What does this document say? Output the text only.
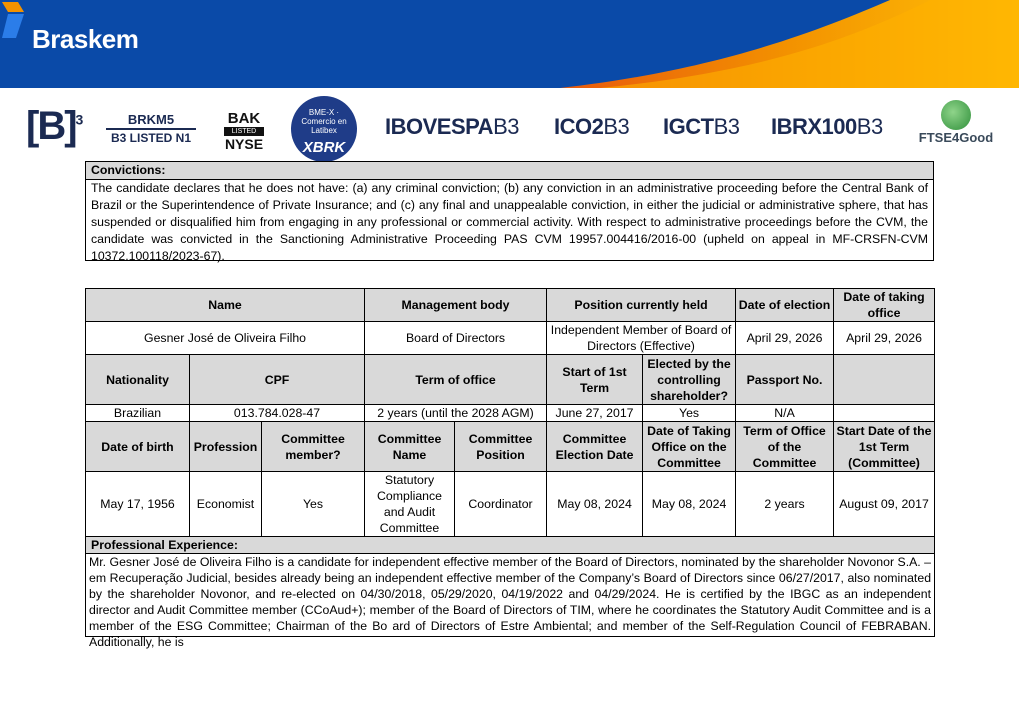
Braskem
$[B]^3$	BRKM5
B3 LISTED N1
BAK
LISTED
NYSE
BME-X · Comercio en Latibex
XBRK
IBOVESPAB3 ICO2B3 IGCTB3 IBRX100B3	FTSE4Good
Convictions:
The candidate declares that he does not have: (a) any criminal conviction; (b) any conviction in an administrative proceeding before the Central Bank of Brazil or the Superintendence of Private Insurance; and (c) any final and unappealable conviction, in either the judicial or administrative sphere, that has suspended or disqualified him from engaging in any professional or commercial activity. With respect to administrative proceedings before the CVM, the candidate was convicted in the Sanctioning Administrative Proceeding PAS CVM 19957.004416/2016-00 (upheld on appeal in MF-CRSFN-CVM 10372.100118/2023-67).
Name			Management body		Position currently held		Date of election	Date of taking office
Gesner José de Oliveira Filho			Board of Directors		Independent Member of Board of Directors (Effective)		April 29, 2026	April 29, 2026
Nationality	CPF		Term of office		Start of 1st Term	Elected by the controlling shareholder?	Passport No.	
Brazilian	013.784.028-47		2 years (until the 2028 AGM)		June 27, 2017	Yes	N/A	
Date of birth	Profession	Committee member?	Committee Name	Committee Position	Committee Election Date	Date of Taking Office on the Committee	Term of Office of the Committee	Start Date of the 1st Term (Committee)
May 17, 1956	Economist	Yes	Statutory Compliance and Audit Committee	Coordinator	May 08, 2024	May 08, 2024	2 years	August 09, 2017
Professional Experience:								

Mr. Gesner José de Oliveira Filho is a candidate for independent effective member of the Board of Directors, nominated by the shareholder Novonor S.A. – em Recuperação Judicial, besides already being an independent effective member of the Company’s Board of Directors since 06/27/2017, also nominated by the shareholder Novonor, and re-elected on 04/30/2018, 05/29/2020, 04/19/2022 and 04/29/2024. He is certified by the IBGC as an independent director and Audit Committee member (CCoAud+); member of the Board of Directors of TIM, where he coordinates the Statutory Audit Committee and is a member of the ESG Committee; Chairman of the Bo ard of Directors of Estre Ambiental; and member of the Self-Regulation Council of FEBRABAN. Additionally, he is								
